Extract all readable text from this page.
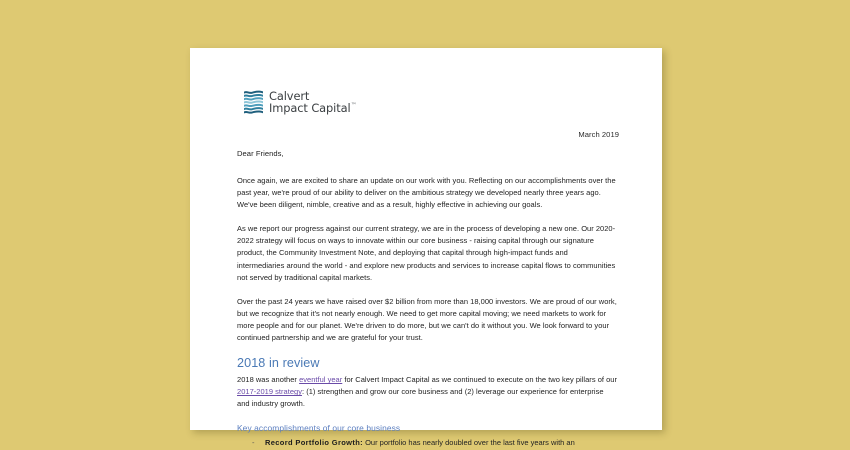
Calvert
Impact Capital™
March 2019

Dear Friends,

Once again, we are excited to share an update on our work with you. Reflecting on our accomplishments over the past year, we're proud of our ability to deliver on the ambitious strategy we developed nearly three years ago. We've been diligent, nimble, creative and as a result, highly effective in achieving our goals.

As we report our progress against our current strategy, we are in the process of developing a new one. Our 2020-2022 strategy will focus on ways to innovate within our core business - raising capital through our signature product, the Community Investment Note, and deploying that capital through high-impact funds and intermediaries around the world - and explore new products and services to increase capital flows to communities not served by traditional capital markets.

Over the past 24 years we have raised over $2 billion from more than 18,000 investors. We are proud of our work, but we recognize that it's not nearly enough. We need to get more capital moving; we need markets to work for more people and for our planet. We're driven to do more, but we can't do it without you. We look forward to your continued partnership and we are grateful for your trust.

2018 in review

2018 was another eventful year for Calvert Impact Capital as we continued to execute on the two key pillars of our 2017-2019 strategy: (1) strengthen and grow our core business and (2) leverage our experience for enterprise and industry growth.

Key accomplishments of our core business
- Record Portfolio Growth: Our portfolio has nearly doubled over the last five years with an
